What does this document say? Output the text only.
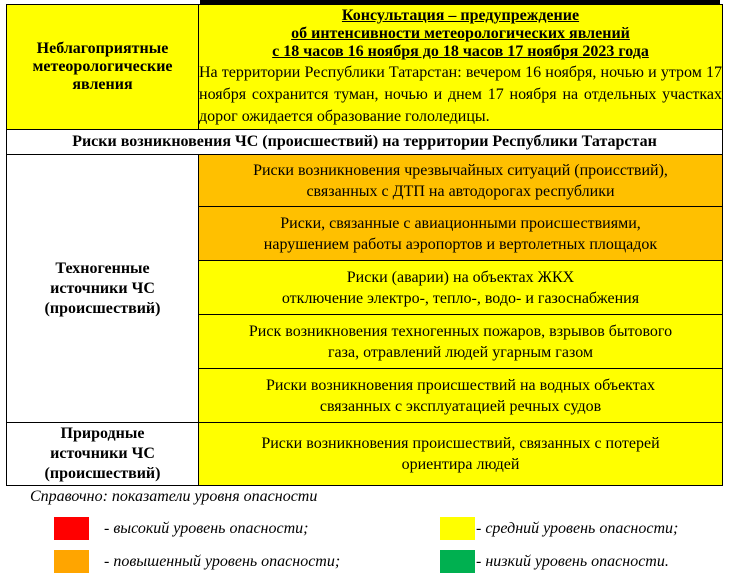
Неблагоприятные метеорологические явления	Консультация – предупреждение
об интенсивности метеорологических явлений
с 18 часов 16 ноября до 18 часов 17 ноября 2023 года
На территории Республики Татарстан: вечером 16 ноября, ночью и утром 17 ноября сохранится туман, ночью и днем 17 ноября на отдельных участках дорог ожидается образование гололедицы.

Риски возникновения ЧС (происшествий) на территории Республики Татарстан	

Техногенные источники ЧС (происшествий)	Риски возникновения чрезвычайных ситуаций (происствий),
связанных с ДТП на автодорогах республики

	Риски, связанные с авиационными происшествиями,
нарушением работы аэропортов и вертолетных площадок

	Риски (аварии) на объектах ЖКХ
отключение электро-, тепло-, водо- и газоснабжения

	Риск возникновения техногенных пожаров, взрывов бытового
газа, отравлений людей угарным газом

	Риски возникновения происшествий на водных объектах
связанных с эксплуатацией речных судов

Природные источники ЧС (происшествий)	Риски возникновения происшествий, связанных с потерей
ориентира людей
Справочно: показатели уровня опасности
- высокий уровень опасности;	- средний уровень опасности;
- повышенный уровень опасности;	- низкий уровень опасности.
